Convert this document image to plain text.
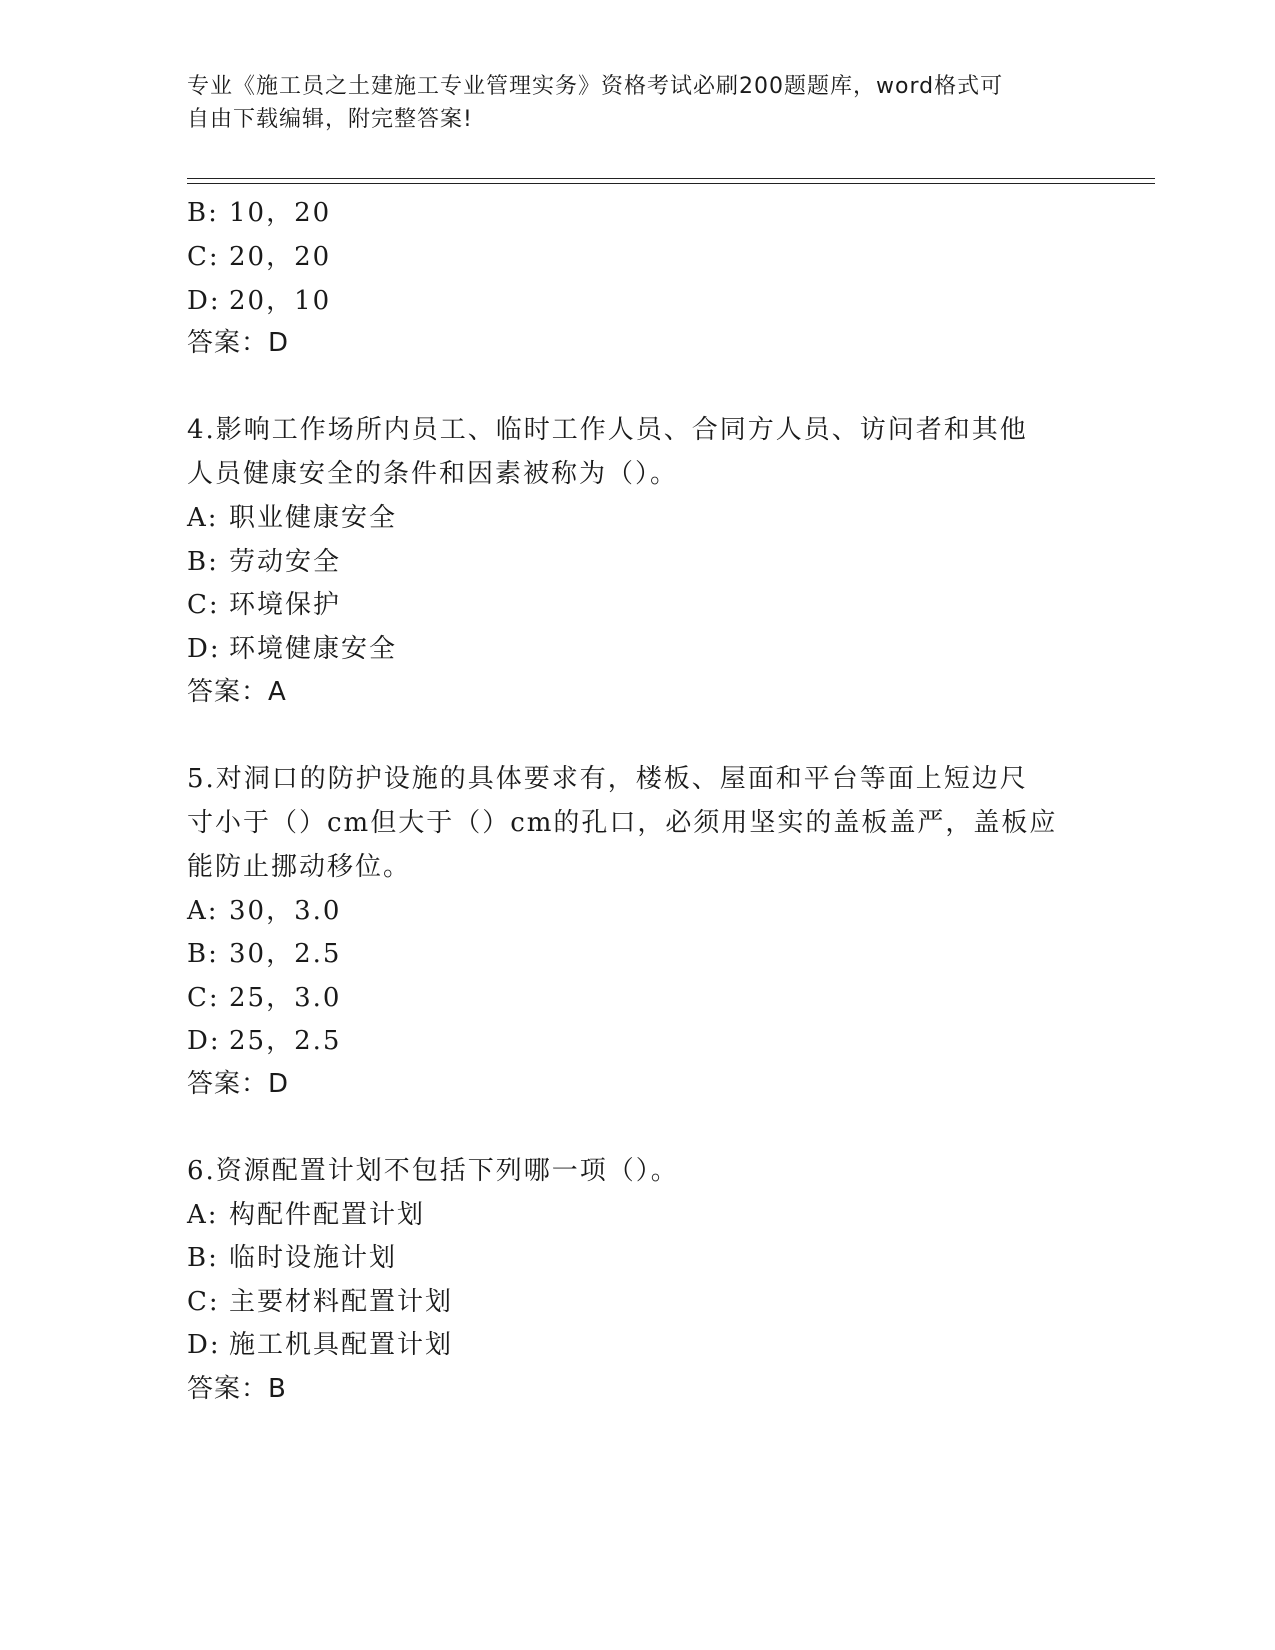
专业《施工员之土建施工专业管理实务》资格考试必刷200题题库，word格式可
自由下载编辑，附完整答案!
B: 10，20
C: 20，20
D: 20，10
答案：D
4.影响工作场所内员工、临时工作人员、合同方人员、访问者和其他
人员健康安全的条件和因素被称为（）。
A: 职业健康安全
B: 劳动安全
C: 环境保护
D: 环境健康安全
答案：A
5.对洞口的防护设施的具体要求有，楼板、屋面和平台等面上短边尺
寸小于（）cm但大于（）cm的孔口，必须用坚实的盖板盖严，盖板应
能防止挪动移位。
A: 30，3.0
B: 30，2.5
C: 25，3.0
D: 25，2.5
答案：D
6.资源配置计划不包括下列哪一项（）。
A: 构配件配置计划
B: 临时设施计划
C: 主要材料配置计划
D: 施工机具配置计划
答案：B
